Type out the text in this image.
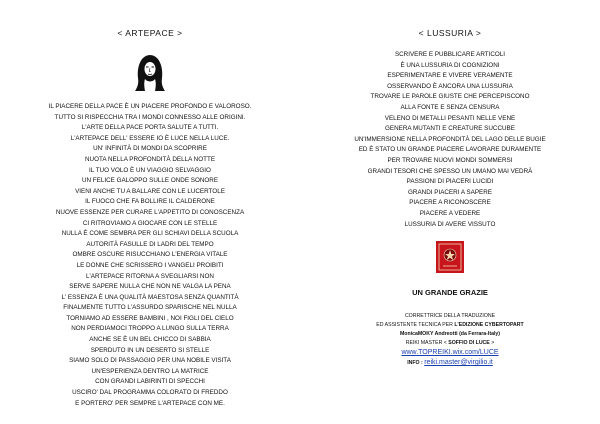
< ARTEPACE >
IL PIACERE DELLA PACE È UN PIACERE PROFONDO E VALOROSO.
TUTTO SI RISPECCHIA TRA I MONDI CONNESSO ALLE ORIGINI.
L'ARTE DELLA PACE PORTA SALUTE A TUTTI.
L'ARTEPACE DELL' ESSERE IO È LUCE NELLA LUCE.
UN' INFINITÀ DI MONDI DA SCOPRIRE
NUOTA NELLA PROFONDITÀ DELLA NOTTE
IL TUO VOLO È UN VIAGGIO SELVAGGIO
UN FELICE GALOPPO SULLE ONDE SONORE
VIENI ANCHE TU A BALLARE CON LE LUCERTOLE
IL FUOCO CHE FA BOLLIRE IL CALDERONE
NUOVE ESSENZE PER CURARE L'APPETITO DI CONOSCENZA
CI RITROVIAMO A GIOCARE CON LE STELLE
NULLA È COME SEMBRA PER GLI SCHIAVI DELLA SCUOLA
AUTORITÀ FASULLE DI LADRI DEL TEMPO
OMBRE OSCURE RISUCCHIANO L'ENERGIA VITALE
LE DONNE CHE SCRISSERO I VANGELI PROIBITI
L'ARTEPACE RITORNA A SVEGLIARSI NON
SERVE SAPERE NULLA CHE NON NE VALGA LA PENA
L' ESSENZA È UNA QUALITÀ MAESTOSA SENZA QUANTITÀ
FINALMENTE TUTTO L'ASSURDO SPARISCHE NEL NULLA
TORNIAMO AD ESSERE BAMBINI , NOI FIGLI DEL CIELO
NON PERDIAMOCI TROPPO A LUNGO SULLA TERRA
ANCHE SE È UN BEL CHICCO DI SABBIA
SPERDUTO IN UN DESERTO SI STELLE
SIAMO SOLO DI PASSAGGIO PER UNA NOBILE VISITA
UN'ESPERIENZA DENTRO LA MATRICE
CON GRANDI LABIRINTI DI SPECCHI
USCIRO' DAL PROGRAMMA COLORATO DI FREDDO
E PORTERO' PER SEMPRE L'ARTEPACE CON ME.
< LUSSURIA >
SCRIVERE E PUBBLICARE ARTICOLI
È UNA LUSSURIA DI COGNIZIONI
ESPERIMENTARE E VIVERE VERAMENTE
OSSERVANDO È ANCORA UNA LUSSURIA
TROVARE LE PAROLE GIUSTE CHE PERCEPISCONO
ALLA FONTE E SENZA CENSURA
VELENO DI METALLI PESANTI NELLE VENE
GENERA MUTANTI E CREATURE SUCCUBE
UN'IMMERSIONE NELLA PROFONDITÀ DEL LAGO DELLE BUGIE
ED È STATO UN GRANDE PIACERE LAVORARE DURAMENTE
PER TROVARE NUOVI MONDI SOMMERSI
GRANDI TESORI CHE SPESSO UN UMANO MAI VEDRÀ
PASSIONI DI PIACERI LUCIDI
GRANDI PIACERI A SAPERE
PIACERE A RICONOSCERE
PIACERE A VEDERE
LUSSURIA DI AVERE VISSUTO
UN GRANDE GRAZIE
CORRETTRICE DELLA TRADUZIONE
ED ASSISTENTE TECNICA PER L'EDIZIONE CYBERTOPART
MonicaMOKY Andreotti (da Ferrara-Italy)
REIKI MASTER < SOFFIO DI LUCE >
www.TOPREIKI.wix.com/LUCE
INFO : reiki.master@virgilio.it
